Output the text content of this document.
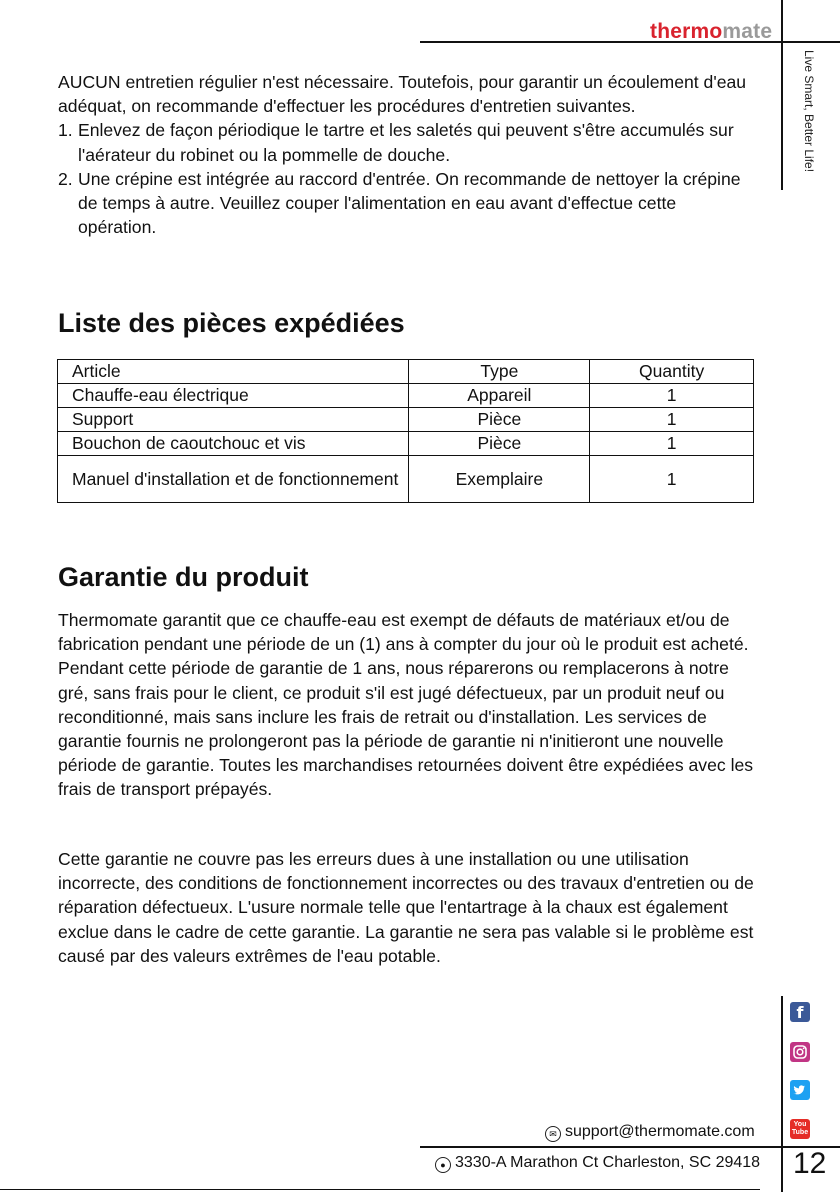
thermomate
Live Smart, Better Life!

AUCUN entretien régulier n'est nécessaire. Toutefois, pour garantir un écoulement d'eau adéquat, on recommande d'effectuer les procédures d'entretien suivantes.

1. Enlevez de façon périodique le tartre et les saletés qui peuvent s'être accumulés sur l'aérateur du robinet ou la pommelle de douche.
2. Une crépine est intégrée au raccord d'entrée. On recommande de nettoyer la crépine de temps à autre. Veuillez couper l'alimentation en eau avant d'effectue cette opération.
Liste des pièces expédiées
Article	Type	Quantity
Chauffe-eau électrique	Appareil	1
Support	Pièce	1
Bouchon de caoutchouc et vis	Pièce	1
Manuel d'installation et de fonctionnement	Exemplaire	1
Garantie du produit
Thermomate garantit que ce chauffe-eau est exempt de défauts de matériaux et/ou de fabrication pendant une période de un (1) ans à compter du jour où le produit est acheté. Pendant cette période de garantie de 1 ans, nous réparerons ou remplacerons à notre gré, sans frais pour le client, ce produit s'il est jugé défectueux, par un produit neuf ou reconditionné, mais sans inclure les frais de retrait ou d'installation. Les services de garantie fournis ne prolongeront pas la période de garantie ni n'initieront une nouvelle période de garantie. Toutes les marchandises retournées doivent être expédiées avec les frais de transport prépayés.
Cette garantie ne couvre pas les erreurs dues à une installation ou une utilisation incorrecte, des conditions de fonctionnement incorrectes ou des travaux d'entretien ou de réparation défectueux. L'usure normale telle que l'entartrage à la chaux est également exclue dans le cadre de cette garantie. La garantie ne sera pas valable si le problème est causé par des valeurs extrêmes de l'eau potable.
f
You
Tube
✉ support@thermomate.com
● 3330-A Marathon Ct Charleston, SC 29418 12
